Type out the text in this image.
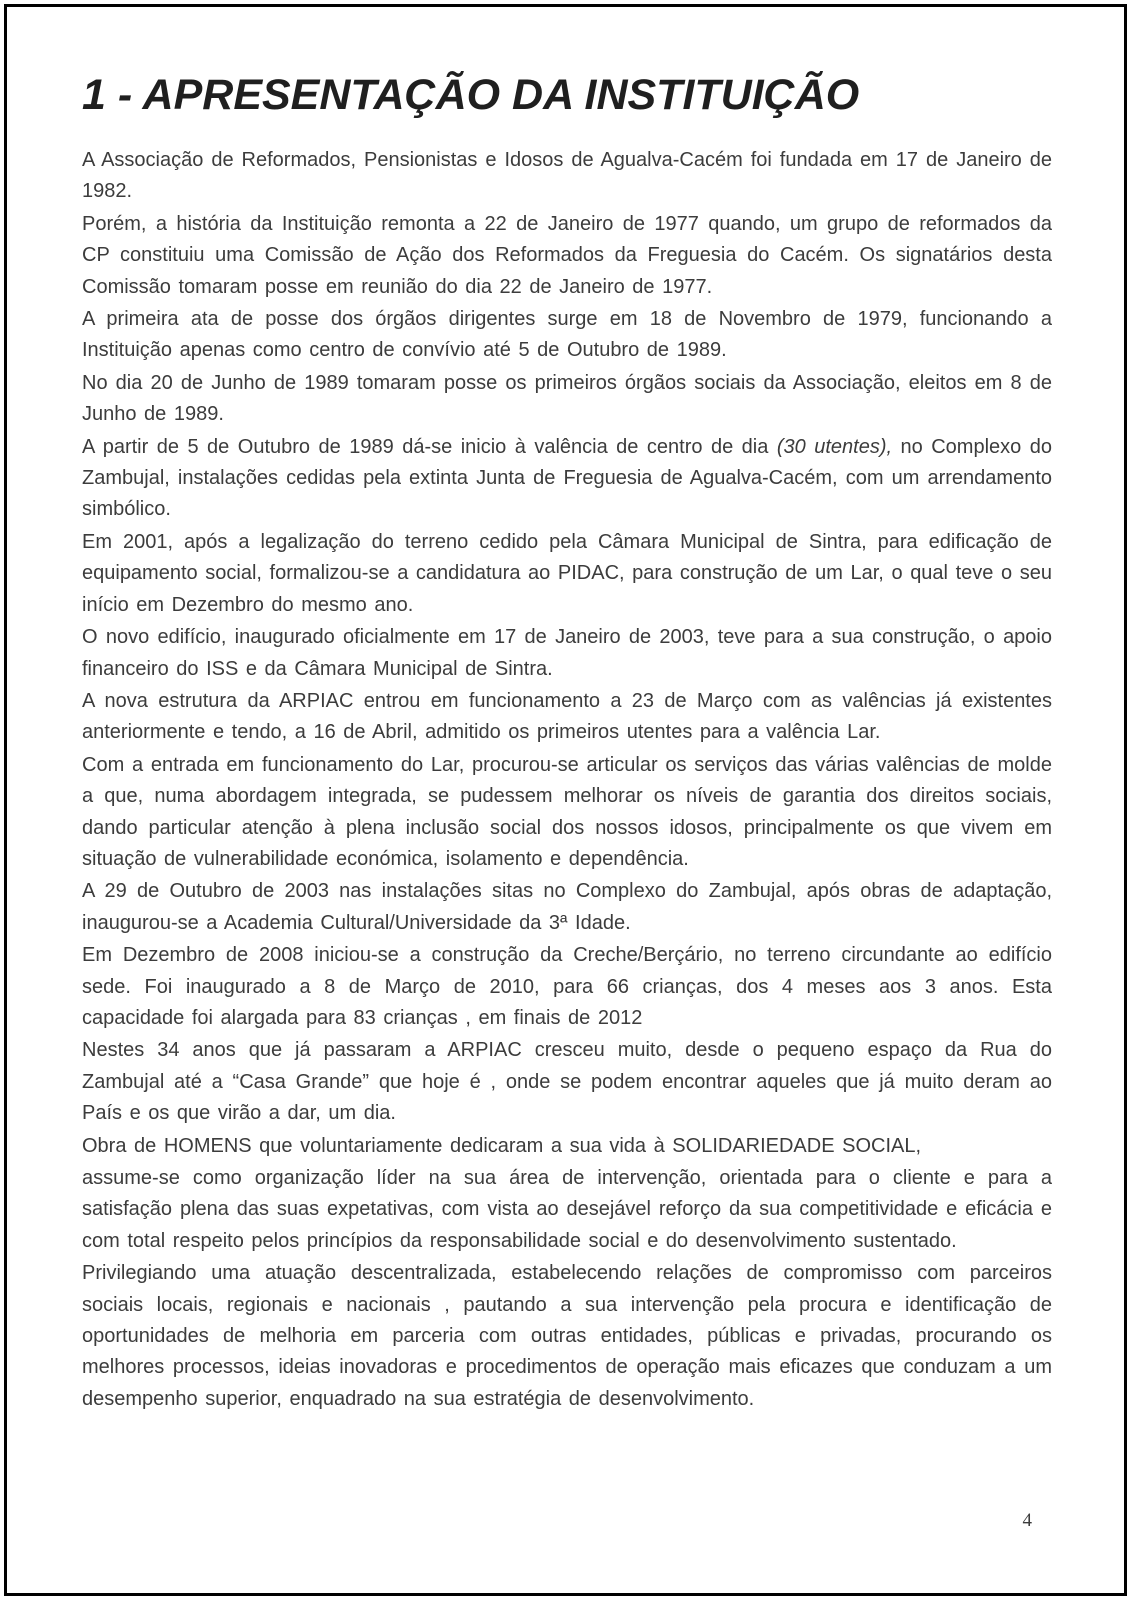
1 - APRESENTAÇÃO DA INSTITUIÇÃO

A Associação de Reformados, Pensionistas e Idosos de Agualva-Cacém foi fundada em 17 de Janeiro de 1982.

Porém, a história da Instituição remonta a 22 de Janeiro de 1977 quando, um grupo de reformados da CP constituiu uma Comissão de Ação dos Reformados da Freguesia do Cacém. Os signatários desta Comissão tomaram posse em reunião do dia 22 de Janeiro de 1977.

A primeira ata de posse dos órgãos dirigentes surge em 18 de Novembro de 1979, funcionando a Instituição apenas como centro de convívio até 5 de Outubro de 1989.

No dia 20 de Junho de 1989 tomaram posse os primeiros órgãos sociais da Associação, eleitos em 8 de Junho de 1989.

A partir de 5 de Outubro de 1989 dá-se inicio à valência de centro de dia (30 utentes), no Complexo do Zambujal, instalações cedidas pela extinta Junta de Freguesia de Agualva-Cacém, com um arrendamento simbólico.

Em 2001, após a legalização do terreno cedido pela Câmara Municipal de Sintra, para edificação de equipamento social, formalizou-se a candidatura ao PIDAC, para construção de um Lar, o qual teve o seu início em Dezembro do mesmo ano.

O novo edifício, inaugurado oficialmente em 17 de Janeiro de 2003, teve para a sua construção, o apoio financeiro do ISS e da Câmara Municipal de Sintra.

A nova estrutura da ARPIAC entrou em funcionamento a 23 de Março com as valências já existentes anteriormente e tendo, a 16 de Abril, admitido os primeiros utentes para a valência Lar.

Com a entrada em funcionamento do Lar, procurou-se articular os serviços das várias valências de molde a que, numa abordagem integrada, se pudessem melhorar os níveis de garantia dos direitos sociais, dando particular atenção à plena inclusão social dos nossos idosos, principalmente os que vivem em situação de vulnerabilidade económica, isolamento e dependência.

A 29 de Outubro de 2003 nas instalações sitas no Complexo do Zambujal, após obras de adaptação, inaugurou-se a Academia Cultural/Universidade da 3ª Idade.

Em Dezembro de 2008 iniciou-se a construção da Creche/Berçário, no terreno circundante ao edifício sede. Foi inaugurado a 8 de Março de 2010, para 66 crianças, dos 4 meses aos 3 anos. Esta capacidade foi alargada para 83 crianças , em finais de 2012

Nestes 34 anos que já passaram a ARPIAC cresceu muito, desde o pequeno espaço da Rua do Zambujal até a “Casa Grande” que hoje é , onde se podem encontrar aqueles que já muito deram ao País e os que virão a dar, um dia.

Obra de HOMENS que voluntariamente dedicaram a sua vida à SOLIDARIEDADE SOCIAL,

assume-se como organização líder na sua área de intervenção, orientada para o cliente e para a satisfação plena das suas expetativas, com vista ao desejável reforço da sua competitividade e eficácia e com total respeito pelos princípios da responsabilidade social e do desenvolvimento sustentado.

Privilegiando uma atuação descentralizada, estabelecendo relações de compromisso com parceiros sociais locais, regionais e nacionais , pautando a sua intervenção pela procura e identificação de oportunidades de melhoria em parceria com outras entidades, públicas e privadas, procurando os melhores processos, ideias inovadoras e procedimentos de operação mais eficazes que conduzam a um desempenho superior, enquadrado na sua estratégia de desenvolvimento.

4
